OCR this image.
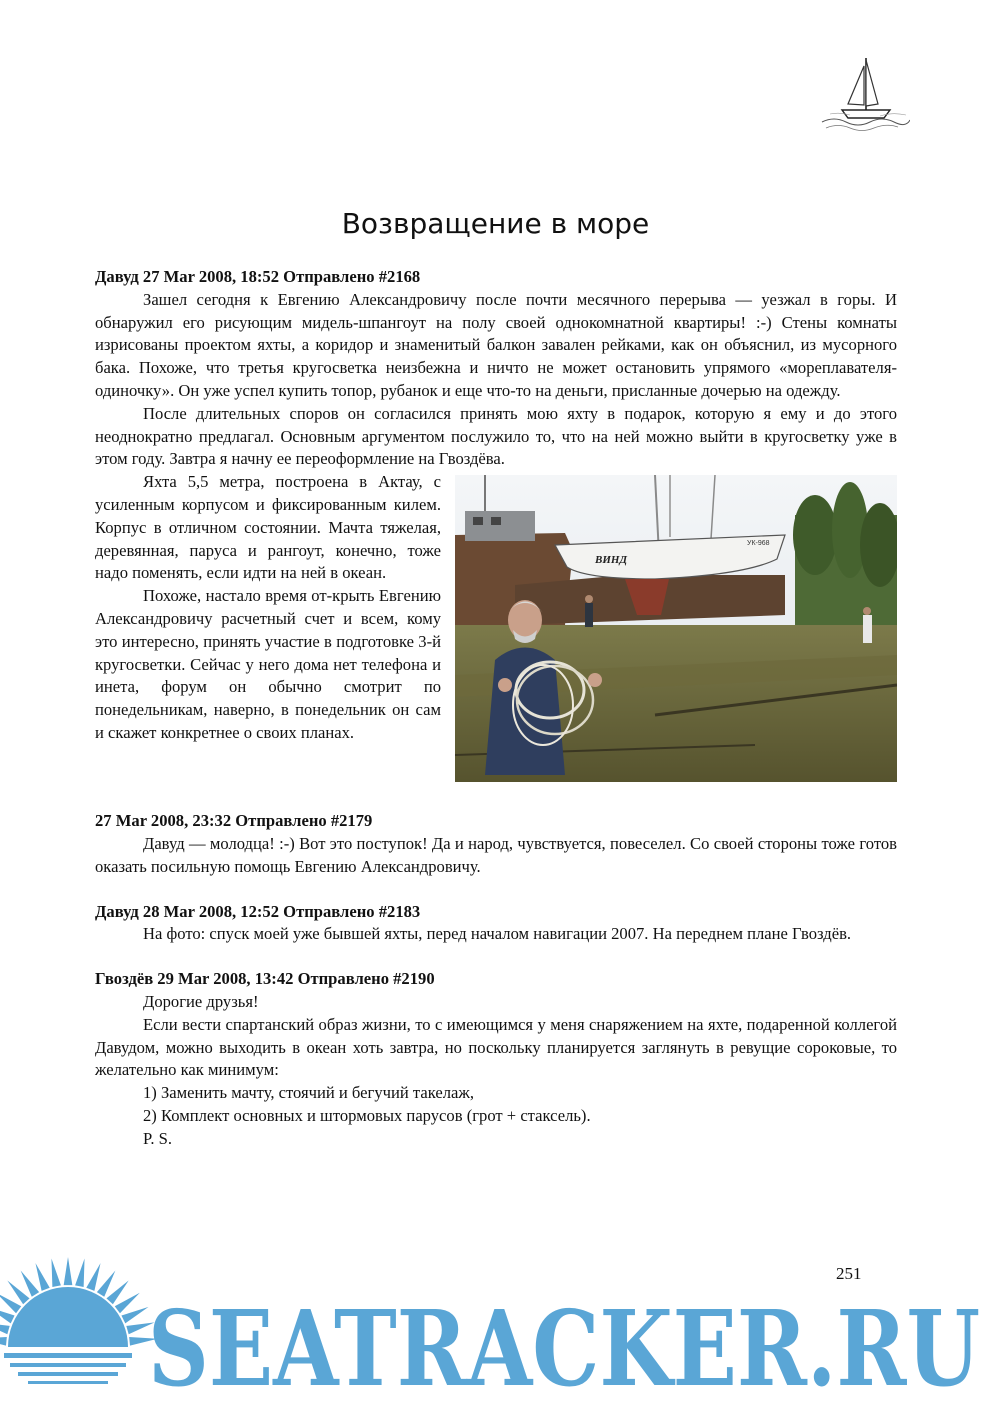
Возвращение в море

Давуд 27 Mar 2008, 18:52 Отправлено #2168

Зашел сегодня к Евгению Александровичу после почти месячного перерыва — уезжал в горы. И обнаружил его рисующим мидель-шпангоут на полу своей однокомнатной квартиры! :-) Стены комнаты изрисованы проектом яхты, а коридор и знаменитый балкон завален рейками, как он объяснил, из мусорного бака. Похоже, что третья кругосветка неизбежна и ничто не может остановить упрямого «мореплавателя-одиночку». Он уже успел купить топор, рубанок и еще что-то на деньги, присланные дочерью на одежду.

После длительных споров он согласился принять мою яхту в подарок, которую я ему и до этого неоднократно предлагал. Основным аргументом послужило то, что на ней можно выйти в кругосветку уже в этом году. Завтра я начну ее переоформление на Гвоздёва.

ВИНД
УК-968

Яхта 5,5 метра, построена в Актау, с усиленным корпусом и фиксированным килем. Корпус в отличном состоянии. Мачта тяжелая, деревянная, паруса и рангоут, конечно, тоже надо поменять, если идти на ней в океан.

Похоже, настало время от-крыть Евгению Александровичу расчетный счет и всем, кому это интересно, принять участие в подготовке 3-й кругосветки. Сейчас у него дома нет телефона и инета, форум он обычно смотрит по понедельникам, наверно, в понедельник он сам и скажет конкретнее о своих планах.

27 Mar 2008, 23:32 Отправлено #2179

Давуд — молодца! :-) Вот это поступок! Да и народ, чувствуется, повеселел. Со своей стороны тоже готов оказать посильную помощь Евгению Александровичу.

Давуд 28 Mar 2008, 12:52 Отправлено #2183

На фото: спуск моей уже бывшей яхты, перед началом навигации 2007. На переднем плане Гвоздёв.

Гвоздёв 29 Mar 2008, 13:42 Отправлено #2190

Дорогие друзья!

Если вести спартанский образ жизни, то с имеющимся у меня снаряжением на яхте, подаренной коллегой Давудом, можно выходить в океан хоть завтра, но поскольку планируется заглянуть в ревущие сороковые, то желательно как минимум:

1) Заменить мачту, стоячий и бегучий такелаж,

2) Комплект основных и штормовых парусов (грот + стаксель).

P. S.

251
SEATRACKER.RU
